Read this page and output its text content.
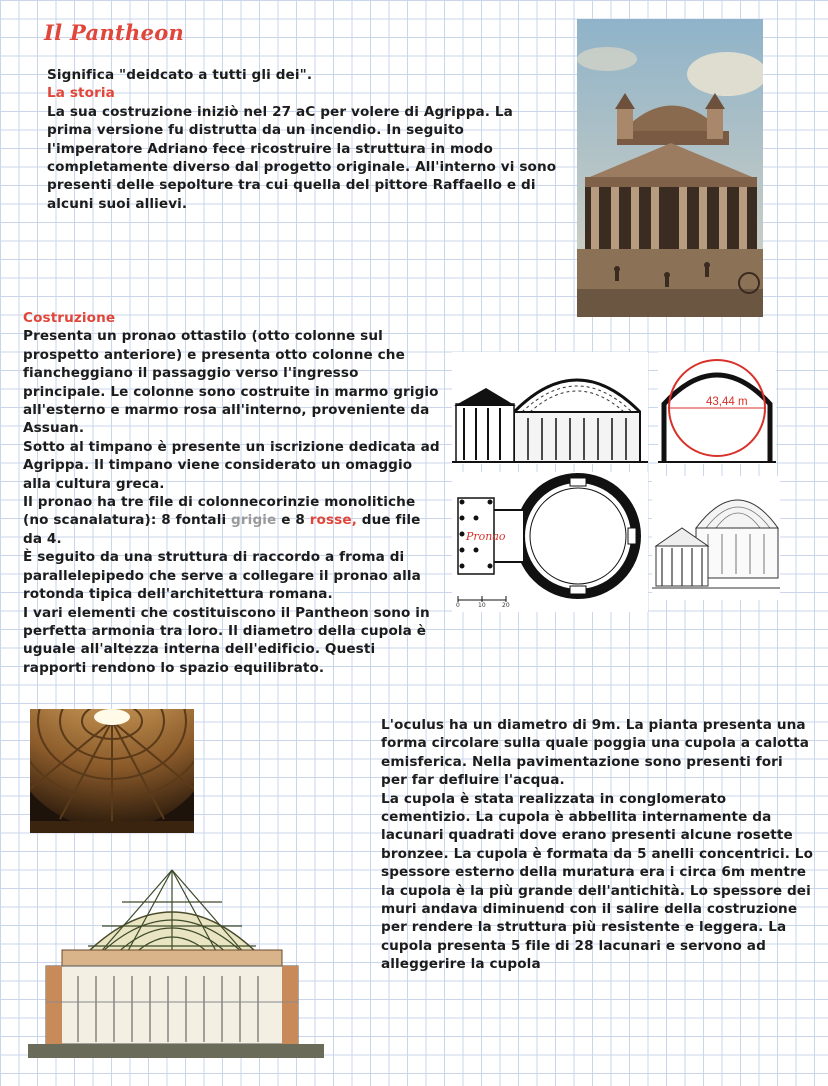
Il Pantheon

Significa "deidcato a tutti gli dei".

La storia

La sua costruzione iniziò nel 27 aC per volere di Agrippa. La prima versione fu distrutta da un incendio. In seguito l'imperatore Adriano fece ricostruire la struttura in modo completamente diverso dal progetto originale. All'interno vi sono presenti delle sepolture tra cui quella del pittore Raffaello e di alcuni suoi allievi.

Costruzione

Presenta un pronao ottastilo (otto colonne sul prospetto anteriore) e presenta otto colonne che fiancheggiano il passaggio verso l'ingresso principale. Le colonne sono costruite in marmo grigio all'esterno e marmo rosa all'interno, proveniente da Assuan.

Sotto al timpano è presente un iscrizione dedicata ad Agrippa. Il timpano viene considerato un omaggio alla cultura greca.

Il pronao ha tre file di colonnecorinzie monolitiche (no scanalatura): 8 fontali grigie e 8 rosse, due file da 4.

È seguito da una struttura di raccordo a froma di parallelepipedo che serve a collegare il pronao alla rotonda tipica dell'architettura romana.

I vari elementi che costituiscono il Pantheon sono in perfetta armonia tra loro. Il diametro della cupola è uguale all'altezza interna dell'edificio. Questi rapporti rendono lo spazio equilibrato.

43,44 m
Pronao
0	10	20

L'oculus ha un diametro di 9m. La pianta presenta una forma circolare sulla quale poggia una cupola a calotta emisferica. Nella pavimentazione sono presenti fori per far defluire l'acqua.

La cupola è stata realizzata in conglomerato cementizio. La cupola è abbellita internamente da lacunari quadrati dove erano presenti alcune rosette bronzee. La cupola è formata da 5 anelli concentrici. Lo spessore esterno della muratura era i circa 6m mentre la cupola è la più grande dell'antichità. Lo spessore dei muri andava diminuend con il salire della costruzione per rendere la struttura più resistente e leggera. La cupola presenta 5 file di 28 lacunari e servono ad alleggerire la cupola
